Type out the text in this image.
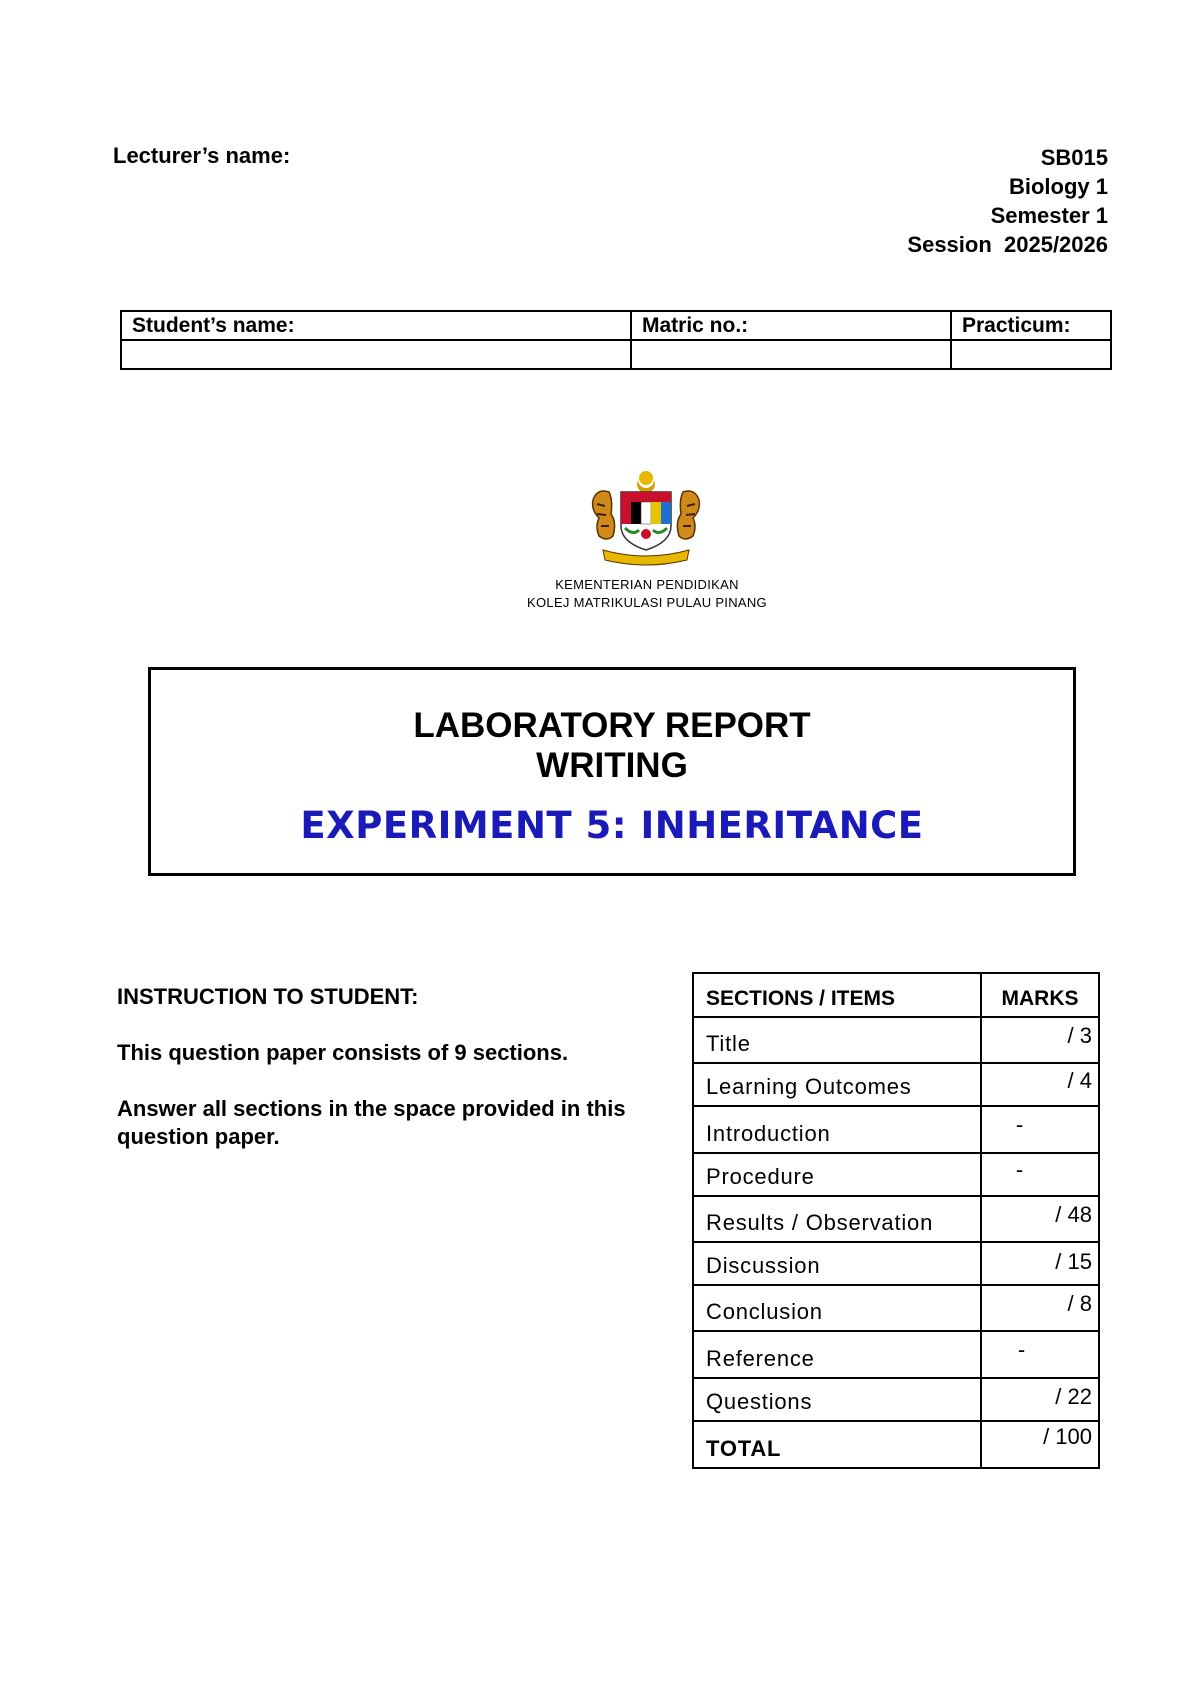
Lecturer’s name:	SB015
Biology 1
Semester 1
Session  2025/2026
Student’s name:	Matric no.:	Practicum:

KEMENTERIAN PENDIDIKAN
KOLEJ MATRIKULASI PULAU PINANG
LABORATORY REPORT
WRITING
EXPERIMENT 5: INHERITANCE

INSTRUCTION TO STUDENT:

This question paper consists of 9 sections.

Answer all sections in the space provided in this question paper.

SECTIONS / ITEMS	MARKS
Title	/ 3
Learning Outcomes	/ 4
Introduction	-
Procedure	-
Results / Observation	/ 48
Discussion	/ 15
Conclusion	/ 8
Reference	-
Questions	/ 22
TOTAL	/ 100
